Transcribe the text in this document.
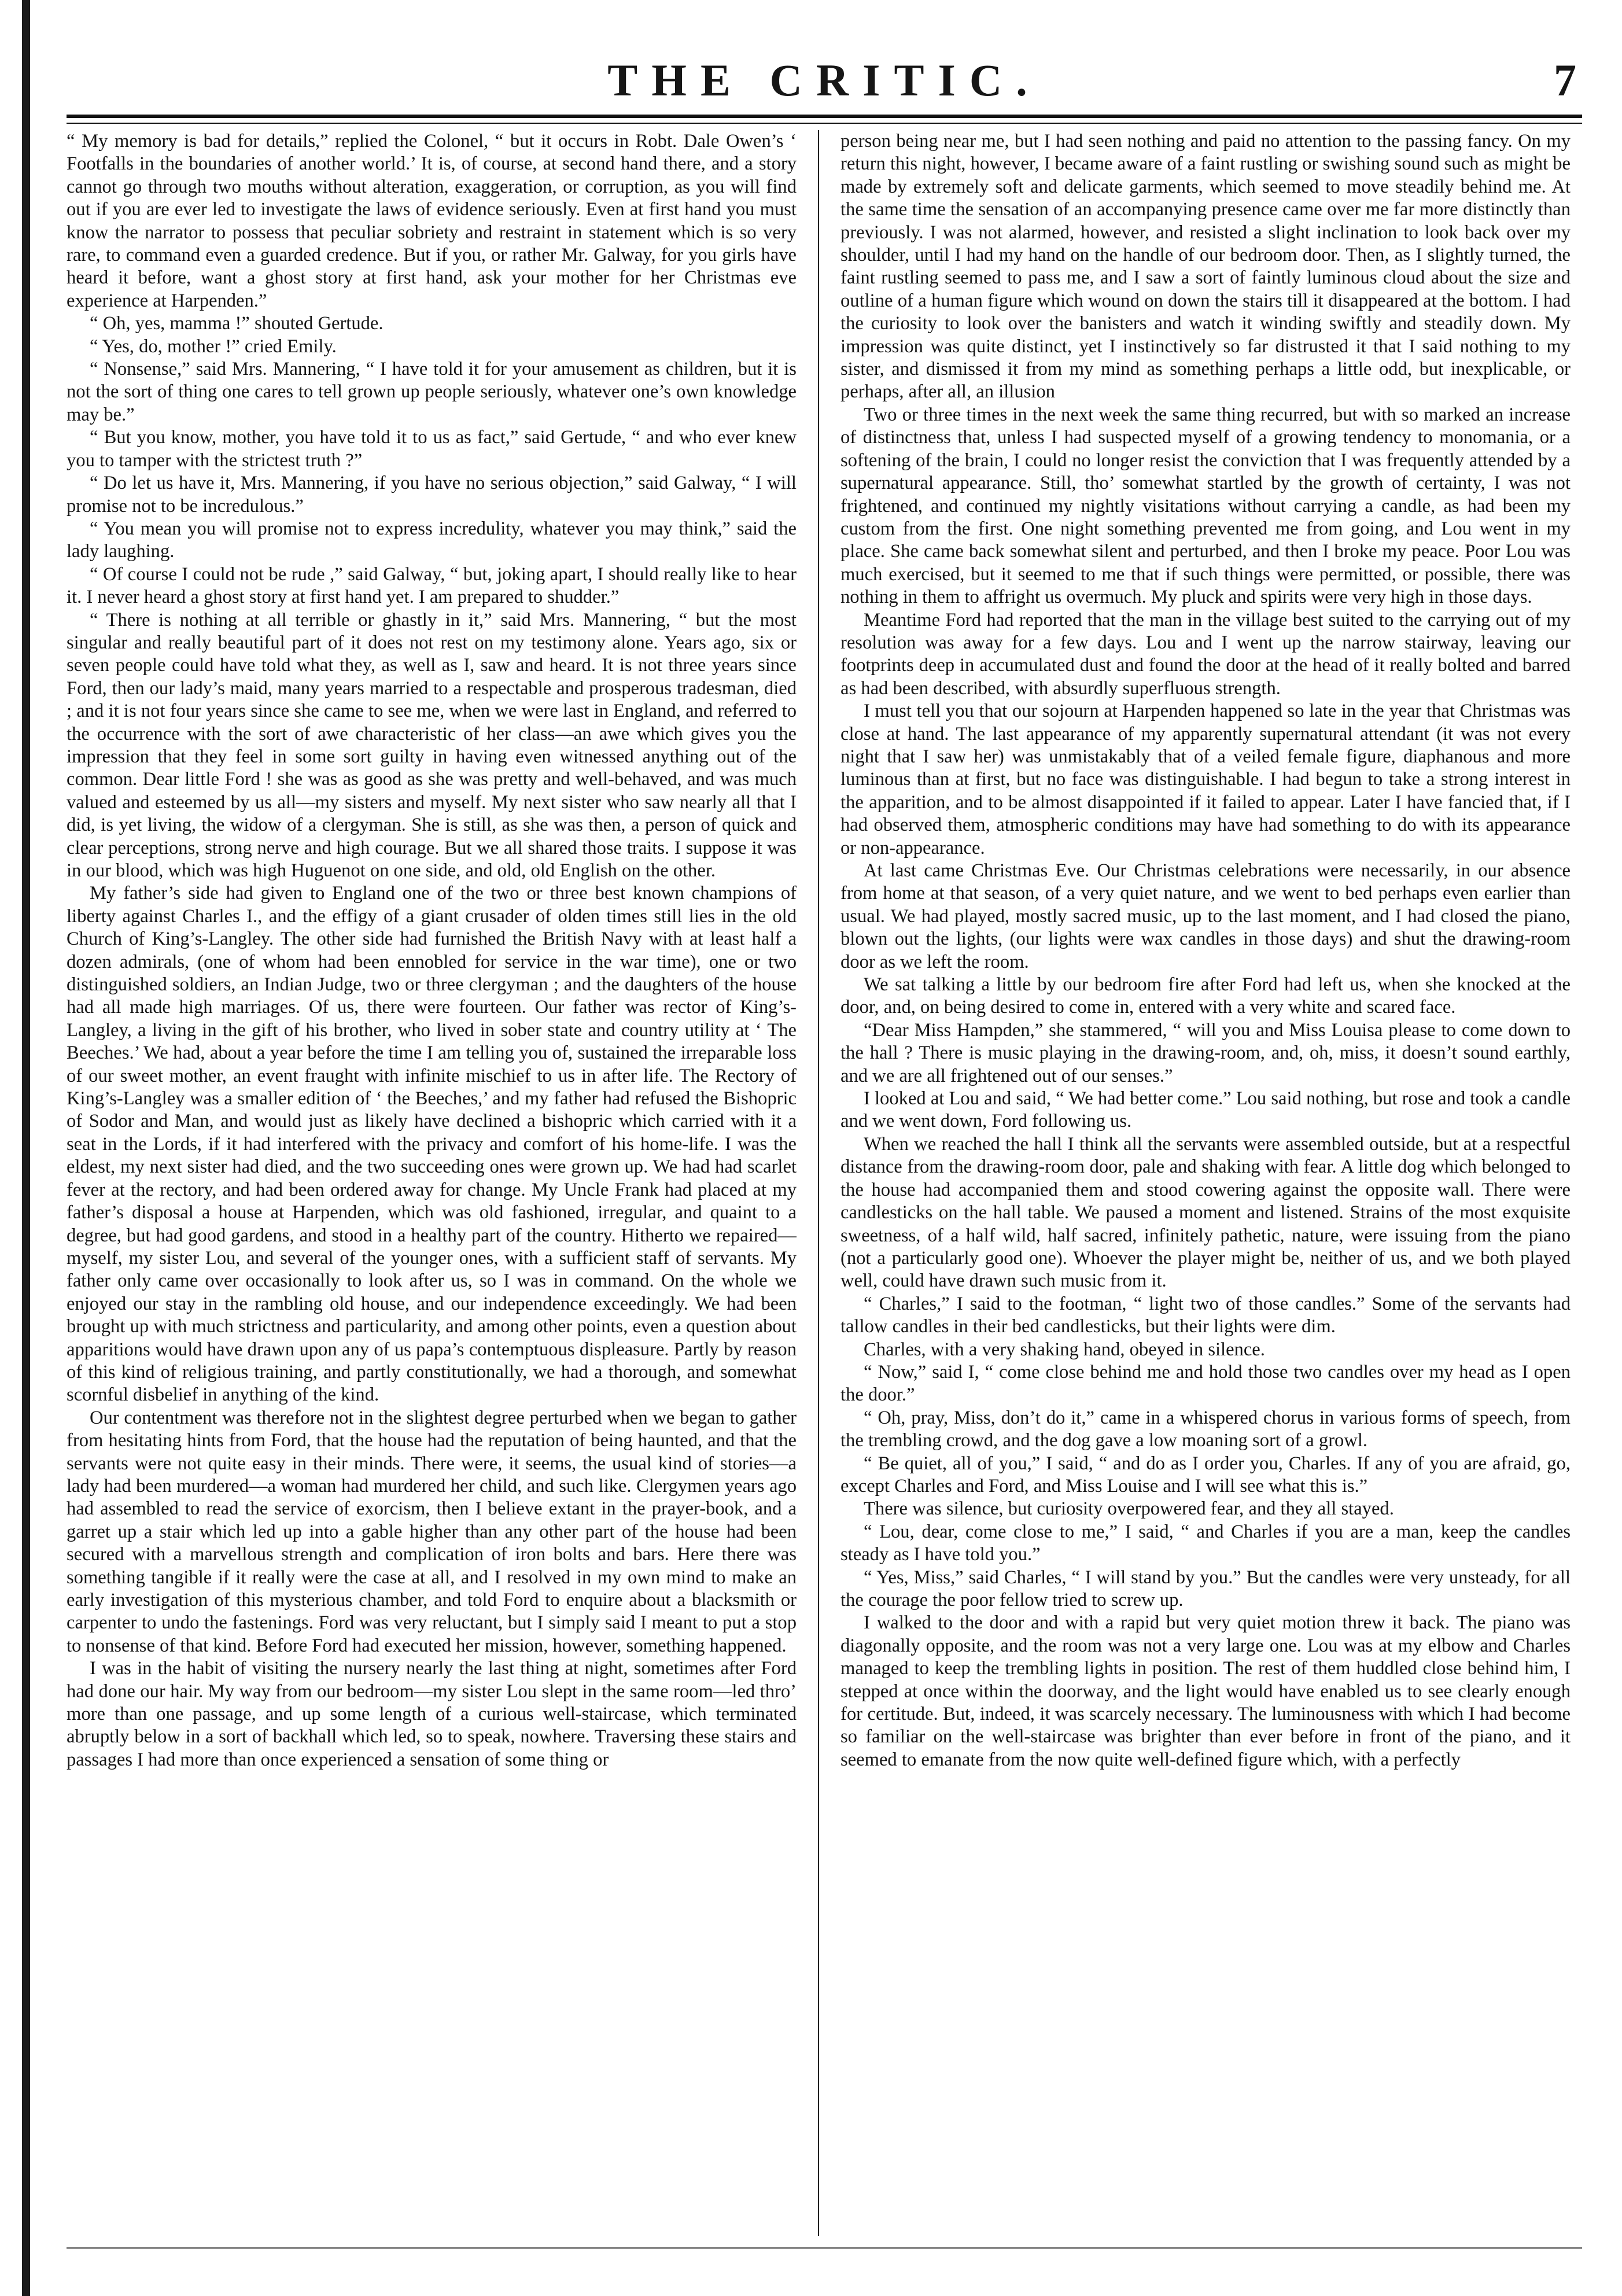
THE CRITIC.	7

“ My memory is bad for details,” replied the Colonel, “ but it occurs in Robt. Dale Owen’s ‘ Footfalls in the boundaries of another world.’ It is, of course, at second hand there, and a story cannot go through two mouths without alteration, exaggeration, or corruption, as you will find out if you are ever led to investigate the laws of evidence seriously. Even at first hand you must know the narrator to possess that peculiar sobriety and restraint in statement which is so very rare, to command even a guarded credence. But if you, or rather Mr. Galway, for you girls have heard it before, want a ghost story at first hand, ask your mother for her Christmas eve experience at Harpenden.”

“ Oh, yes, mamma !” shouted Gertude.

“ Yes, do, mother !” cried Emily.

“ Nonsense,” said Mrs. Mannering, “ I have told it for your amusement as children, but it is not the sort of thing one cares to tell grown up people seriously, whatever one’s own knowledge may be.”

“ But you know, mother, you have told it to us as fact,” said Gertude, “ and who ever knew you to tamper with the strictest truth ?”

“ Do let us have it, Mrs. Mannering, if you have no serious objection,” said Galway, “ I will promise not to be incredulous.”

“ You mean you will promise not to express incredulity, whatever you may think,” said the lady laughing.

“ Of course I could not be rude ,” said Galway, “ but, joking apart, I should really like to hear it. I never heard a ghost story at first hand yet. I am prepared to shudder.”

“ There is nothing at all terrible or ghastly in it,” said Mrs. Mannering, “ but the most singular and really beautiful part of it does not rest on my testimony alone. Years ago, six or seven people could have told what they, as well as I, saw and heard. It is not three years since Ford, then our lady’s maid, many years married to a respectable and prosperous tradesman, died ; and it is not four years since she came to see me, when we were last in England, and referred to the occurrence with the sort of awe characteristic of her class—an awe which gives you the impression that they feel in some sort guilty in having even witnessed anything out of the common. Dear little Ford ! she was as good as she was pretty and well-behaved, and was much valued and esteemed by us all—my sisters and myself. My next sister who saw nearly all that I did, is yet living, the widow of a clergyman. She is still, as she was then, a person of quick and clear perceptions, strong nerve and high courage. But we all shared those traits. I suppose it was in our blood, which was high Huguenot on one side, and old, old English on the other.

My father’s side had given to England one of the two or three best known champions of liberty against Charles I., and the effigy of a giant crusader of olden times still lies in the old Church of King’s-Langley. The other side had furnished the British Navy with at least half a dozen admirals, (one of whom had been ennobled for service in the war time), one or two distinguished soldiers, an Indian Judge, two or three clergyman ; and the daughters of the house had all made high marriages. Of us, there were fourteen. Our father was rector of King’s-Langley, a living in the gift of his brother, who lived in sober state and country utility at ‘ The Beeches.’ We had, about a year before the time I am telling you of, sustained the irreparable loss of our sweet mother, an event fraught with infinite mischief to us in after life. The Rectory of King’s-Langley was a smaller edition of ‘ the Beeches,’ and my father had refused the Bishopric of Sodor and Man, and would just as likely have declined a bishopric which carried with it a seat in the Lords, if it had interfered with the privacy and comfort of his home-life. I was the eldest, my next sister had died, and the two succeeding ones were grown up. We had had scarlet fever at the rectory, and had been ordered away for change. My Uncle Frank had placed at my father’s disposal a house at Harpenden, which was old fashioned, irregular, and quaint to a degree, but had good gardens, and stood in a healthy part of the country. Hitherto we repaired—myself, my sister Lou, and several of the younger ones, with a sufficient staff of servants. My father only came over occasionally to look after us, so I was in command. On the whole we enjoyed our stay in the rambling old house, and our independence exceedingly. We had been brought up with much strictness and particularity, and among other points, even a question about apparitions would have drawn upon any of us papa’s contemptuous displeasure. Partly by reason of this kind of religious training, and partly constitutionally, we had a thorough, and somewhat scornful disbelief in anything of the kind.

Our contentment was therefore not in the slightest degree perturbed when we began to gather from hesitating hints from Ford, that the house had the reputation of being haunted, and that the servants were not quite easy in their minds. There were, it seems, the usual kind of stories—a lady had been murdered—a woman had murdered her child, and such like. Clergymen years ago had assembled to read the service of exorcism, then I believe extant in the prayer-book, and a garret up a stair which led up into a gable higher than any other part of the house had been secured with a marvellous strength and complication of iron bolts and bars. Here there was something tangible if it really were the case at all, and I resolved in my own mind to make an early investigation of this mysterious chamber, and told Ford to enquire about a blacksmith or carpenter to undo the fastenings. Ford was very reluctant, but I simply said I meant to put a stop to nonsense of that kind. Before Ford had executed her mission, however, something happened.

I was in the habit of visiting the nursery nearly the last thing at night, sometimes after Ford had done our hair. My way from our bedroom—my sister Lou slept in the same room—led thro’ more than one passage, and up some length of a curious well-staircase, which terminated abruptly below in a sort of backhall which led, so to speak, nowhere. Traversing these stairs and passages I had more than once experienced a sensation of some thing or

person being near me, but I had seen nothing and paid no attention to the passing fancy. On my return this night, however, I became aware of a faint rustling or swishing sound such as might be made by extremely soft and delicate garments, which seemed to move steadily behind me. At the same time the sensation of an accompanying presence came over me far more distinctly than previously. I was not alarmed, however, and resisted a slight inclination to look back over my shoulder, until I had my hand on the handle of our bedroom door. Then, as I slightly turned, the faint rustling seemed to pass me, and I saw a sort of faintly luminous cloud about the size and outline of a human figure which wound on down the stairs till it disappeared at the bottom. I had the curiosity to look over the banisters and watch it winding swiftly and steadily down. My impression was quite distinct, yet I instinctively so far distrusted it that I said nothing to my sister, and dismissed it from my mind as something perhaps a little odd, but inexplicable, or perhaps, after all, an illusion

Two or three times in the next week the same thing recurred, but with so marked an increase of distinctness that, unless I had suspected myself of a growing tendency to monomania, or a softening of the brain, I could no longer resist the conviction that I was frequently attended by a supernatural appearance. Still, tho’ somewhat startled by the growth of certainty, I was not frightened, and continued my nightly visitations without carrying a candle, as had been my custom from the first. One night something prevented me from going, and Lou went in my place. She came back somewhat silent and perturbed, and then I broke my peace. Poor Lou was much exercised, but it seemed to me that if such things were permitted, or possible, there was nothing in them to affright us overmuch. My pluck and spirits were very high in those days.

Meantime Ford had reported that the man in the village best suited to the carrying out of my resolution was away for a few days. Lou and I went up the narrow stairway, leaving our footprints deep in accumulated dust and found the door at the head of it really bolted and barred as had been described, with absurdly superfluous strength.

I must tell you that our sojourn at Harpenden happened so late in the year that Christmas was close at hand. The last appearance of my apparently supernatural attendant (it was not every night that I saw her) was unmistakably that of a veiled female figure, diaphanous and more luminous than at first, but no face was distinguishable. I had begun to take a strong interest in the apparition, and to be almost disappointed if it failed to appear. Later I have fancied that, if I had observed them, atmospheric conditions may have had something to do with its appearance or non-appearance.

At last came Christmas Eve. Our Christmas celebrations were necessarily, in our absence from home at that season, of a very quiet nature, and we went to bed perhaps even earlier than usual. We had played, mostly sacred music, up to the last moment, and I had closed the piano, blown out the lights, (our lights were wax candles in those days) and shut the drawing-room door as we left the room.

We sat talking a little by our bedroom fire after Ford had left us, when she knocked at the door, and, on being desired to come in, entered with a very white and scared face.

“Dear Miss Hampden,” she stammered, “ will you and Miss Louisa please to come down to the hall ? There is music playing in the drawing-room, and, oh, miss, it doesn’t sound earthly, and we are all frightened out of our senses.”

I looked at Lou and said, “ We had better come.” Lou said nothing, but rose and took a candle and we went down, Ford following us.

When we reached the hall I think all the servants were assembled outside, but at a respectful distance from the drawing-room door, pale and shaking with fear. A little dog which belonged to the house had accompanied them and stood cowering against the opposite wall. There were candlesticks on the hall table. We paused a moment and listened. Strains of the most exquisite sweetness, of a half wild, half sacred, infinitely pathetic, nature, were issuing from the piano (not a particularly good one). Whoever the player might be, neither of us, and we both played well, could have drawn such music from it.

“ Charles,” I said to the footman, “ light two of those candles.” Some of the servants had tallow candles in their bed candlesticks, but their lights were dim.

Charles, with a very shaking hand, obeyed in silence.

“ Now,” said I, “ come close behind me and hold those two candles over my head as I open the door.”

“ Oh, pray, Miss, don’t do it,” came in a whispered chorus in various forms of speech, from the trembling crowd, and the dog gave a low moaning sort of a growl.

“ Be quiet, all of you,” I said, “ and do as I order you, Charles. If any of you are afraid, go, except Charles and Ford, and Miss Louise and I will see what this is.”

There was silence, but curiosity overpowered fear, and they all stayed.

“ Lou, dear, come close to me,” I said, “ and Charles if you are a man, keep the candles steady as I have told you.”

“ Yes, Miss,” said Charles, “ I will stand by you.” But the candles were very unsteady, for all the courage the poor fellow tried to screw up.

I walked to the door and with a rapid but very quiet motion threw it back. The piano was diagonally opposite, and the room was not a very large one. Lou was at my elbow and Charles managed to keep the trembling lights in position. The rest of them huddled close behind him, I stepped at once within the doorway, and the light would have enabled us to see clearly enough for certitude. But, indeed, it was scarcely necessary. The luminousness with which I had become so familiar on the well-staircase was brighter than ever before in front of the piano, and it seemed to emanate from the now quite well-defined figure which, with a perfectly
